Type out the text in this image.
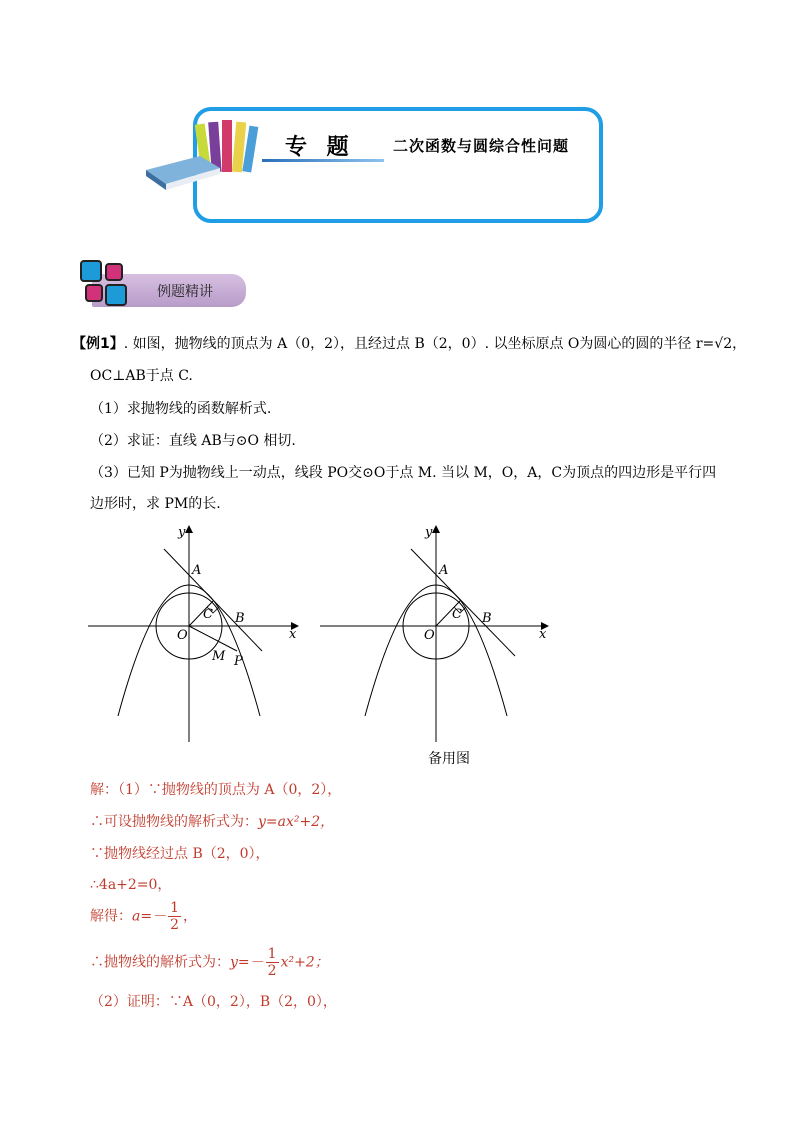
专 题	二次函数与圆综合性问题
例题精讲
【例1】. 如图，抛物线的顶点为 A（0，2），且经过点 B（2，0）. 以坐标原点 O为圆心的圆的半径 r=√2，
OC⊥AB于点 C.
（1）求抛物线的函数解析式.
（2）求证：直线 AB与⊙O 相切.
（3）已知 P为抛物线上一动点，线段 PO交⊙O于点 M. 当以 M，O，A，C为顶点的四边形是平行四
边形时，求 PM的长.
y
x
A
B
C
O
M P
y
x
A
B
C
O
备用图
解：（1）∵抛物线的顶点为 A（0，2），
∴可设抛物线的解析式为：y=ax²+2，
∵抛物线经过点 B（2，0），
∴4a+2=0，
解得：$a=- \frac{1}{2}$ ，
∴抛物线的解析式为：$y=- \frac{1}{2} x^2+2$；
（2）证明：∵A（0，2），B（2，0），
